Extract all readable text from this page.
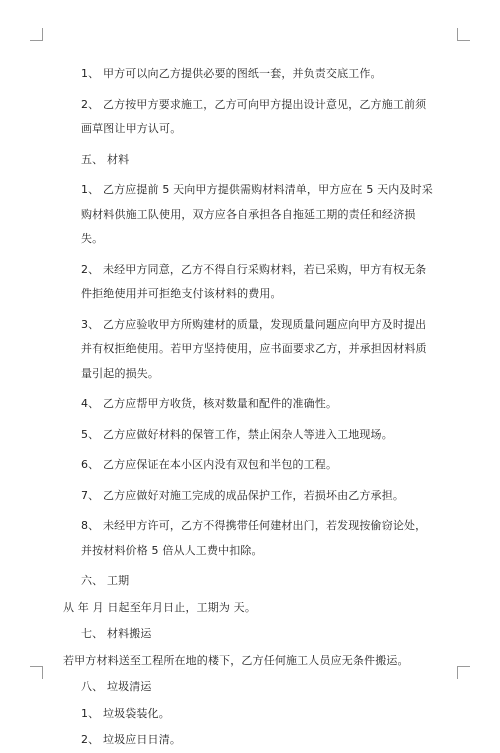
1、 甲方可以向乙方提供必要的图纸一套，并负责交底工作。

2、 乙方按甲方要求施工，乙方可向甲方提出设计意见，乙方施工前须画草图让甲方认可。

五、 材料

1、 乙方应提前 5 天向甲方提供需购材料清单，甲方应在 5 天内及时采购材料供施工队使用，双方应各自承担各自拖延工期的责任和经济损失。

2、 未经甲方同意，乙方不得自行采购材料，若已采购，甲方有权无条件拒绝使用并可拒绝支付该材料的费用。

3、 乙方应验收甲方所购建材的质量，发现质量问题应向甲方及时提出并有权拒绝使用。若甲方坚持使用，应书面要求乙方，并承担因材料质量引起的损失。

4、 乙方应帮甲方收货，核对数量和配件的准确性。

5、 乙方应做好材料的保管工作，禁止闲杂人等进入工地现场。

6、 乙方应保证在本小区内没有双包和半包的工程。

7、 乙方应做好对施工完成的成品保护工作，若损坏由乙方承担。

8、 未经甲方许可，乙方不得携带任何建材出门，若发现按偷窃论处，并按材料价格 5 倍从人工费中扣除。

六、 工期

从 年 月 日起至年月日止，工期为 天。

七、 材料搬运

若甲方材料送至工程所在地的楼下，乙方任何施工人员应无条件搬运。

八、 垃圾清运

1、 垃圾袋装化。

2、 垃圾应日日清。
